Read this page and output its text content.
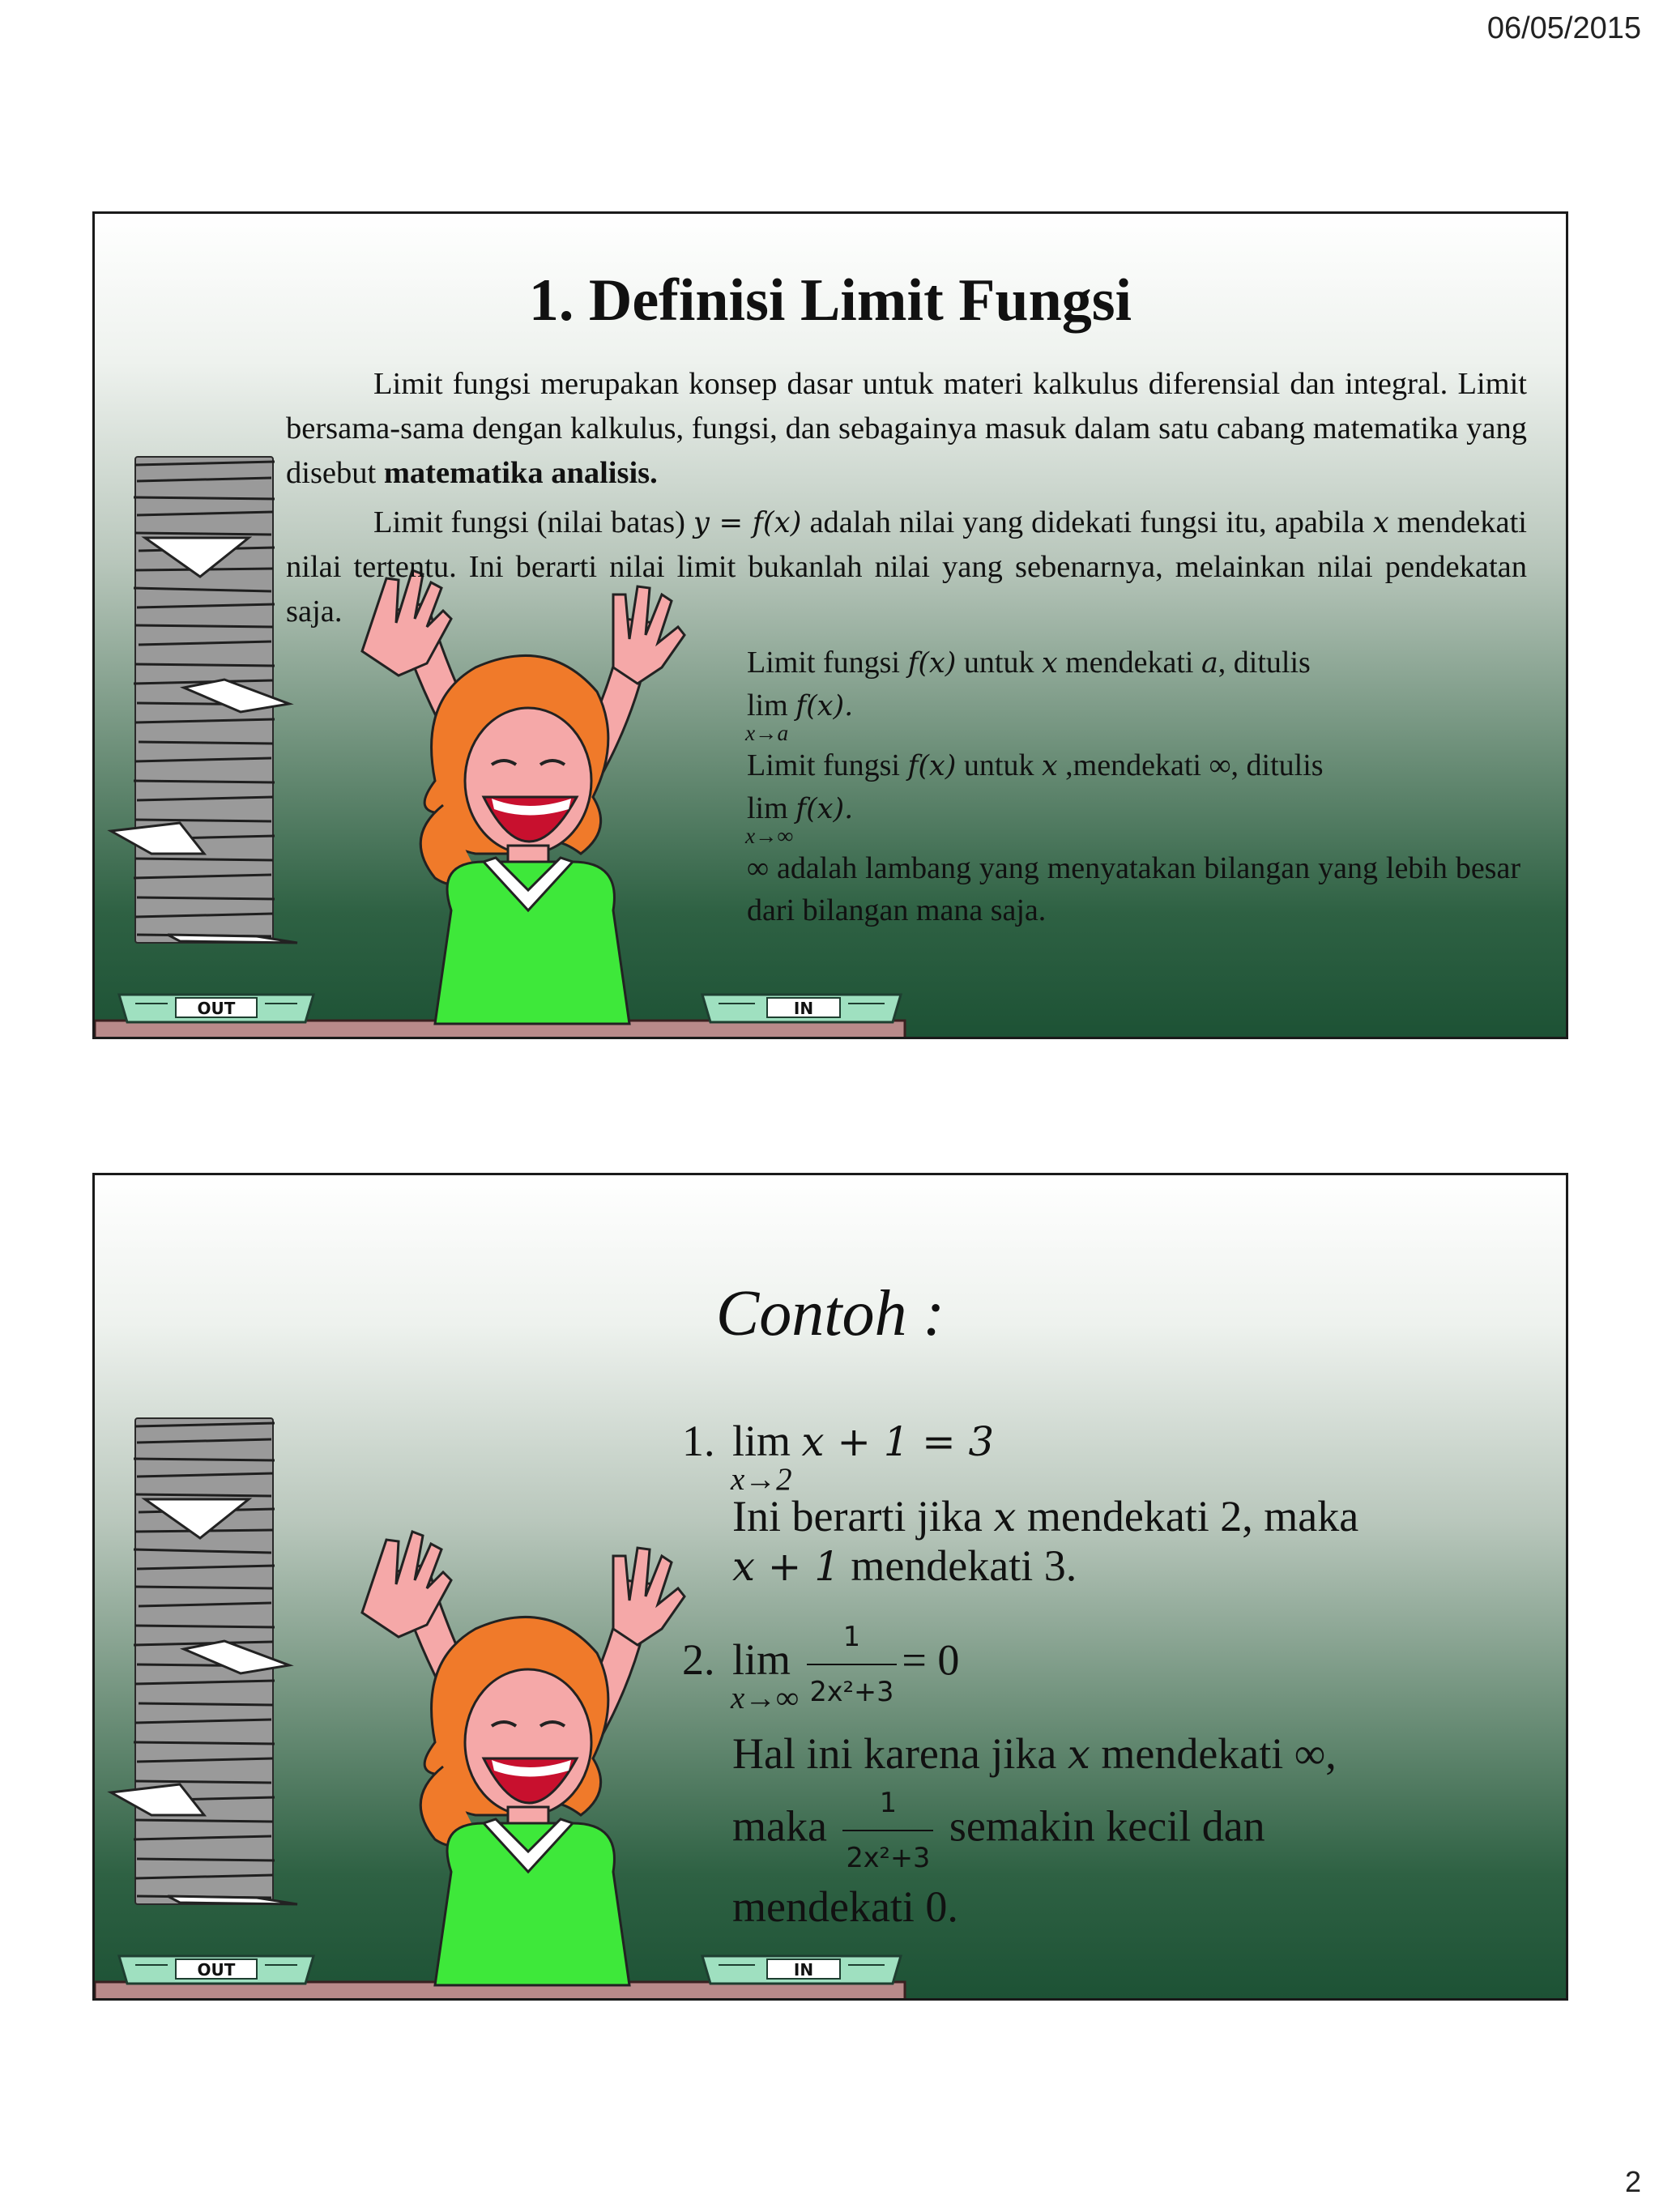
06/05/2015
OUT	IN
1. Definisi Limit Fungsi

Limit fungsi merupakan konsep dasar untuk materi kalkulus diferensial dan integral. Limit bersama-sama dengan kalkulus, fungsi, dan sebagainya masuk dalam satu cabang matematika yang disebut matematika analisis.

Limit fungsi (nilai batas) y = f(x) adalah nilai yang didekati fungsi itu, apabila x mendekati nilai tertentu. Ini berarti nilai limit bukanlah nilai yang sebenarnya, melainkan nilai pendekatan saja.

Limit fungsi f(x) untuk x mendekati a, ditulis
lim
x→a
f(x).

Limit fungsi f(x) untuk x ,mendekati ∞, ditulis
lim
x→∞
f(x).

∞ adalah lambang yang menyatakan bilangan yang lebih besar dari bilangan mana saja.

OUT	IN
Contoh :
1. lim
x→2
x + 1 = 3
Ini berarti jika x mendekati 2, maka
x + 1 mendekati 3.
2. lim
x→∞
$\frac{1}{\text{2x²+3}} = 0$
Hal ini karena jika x mendekati ∞,
maka $\frac{1}{\text{2x²+3}}$ semakin kecil dan
mendekati 0.
2
